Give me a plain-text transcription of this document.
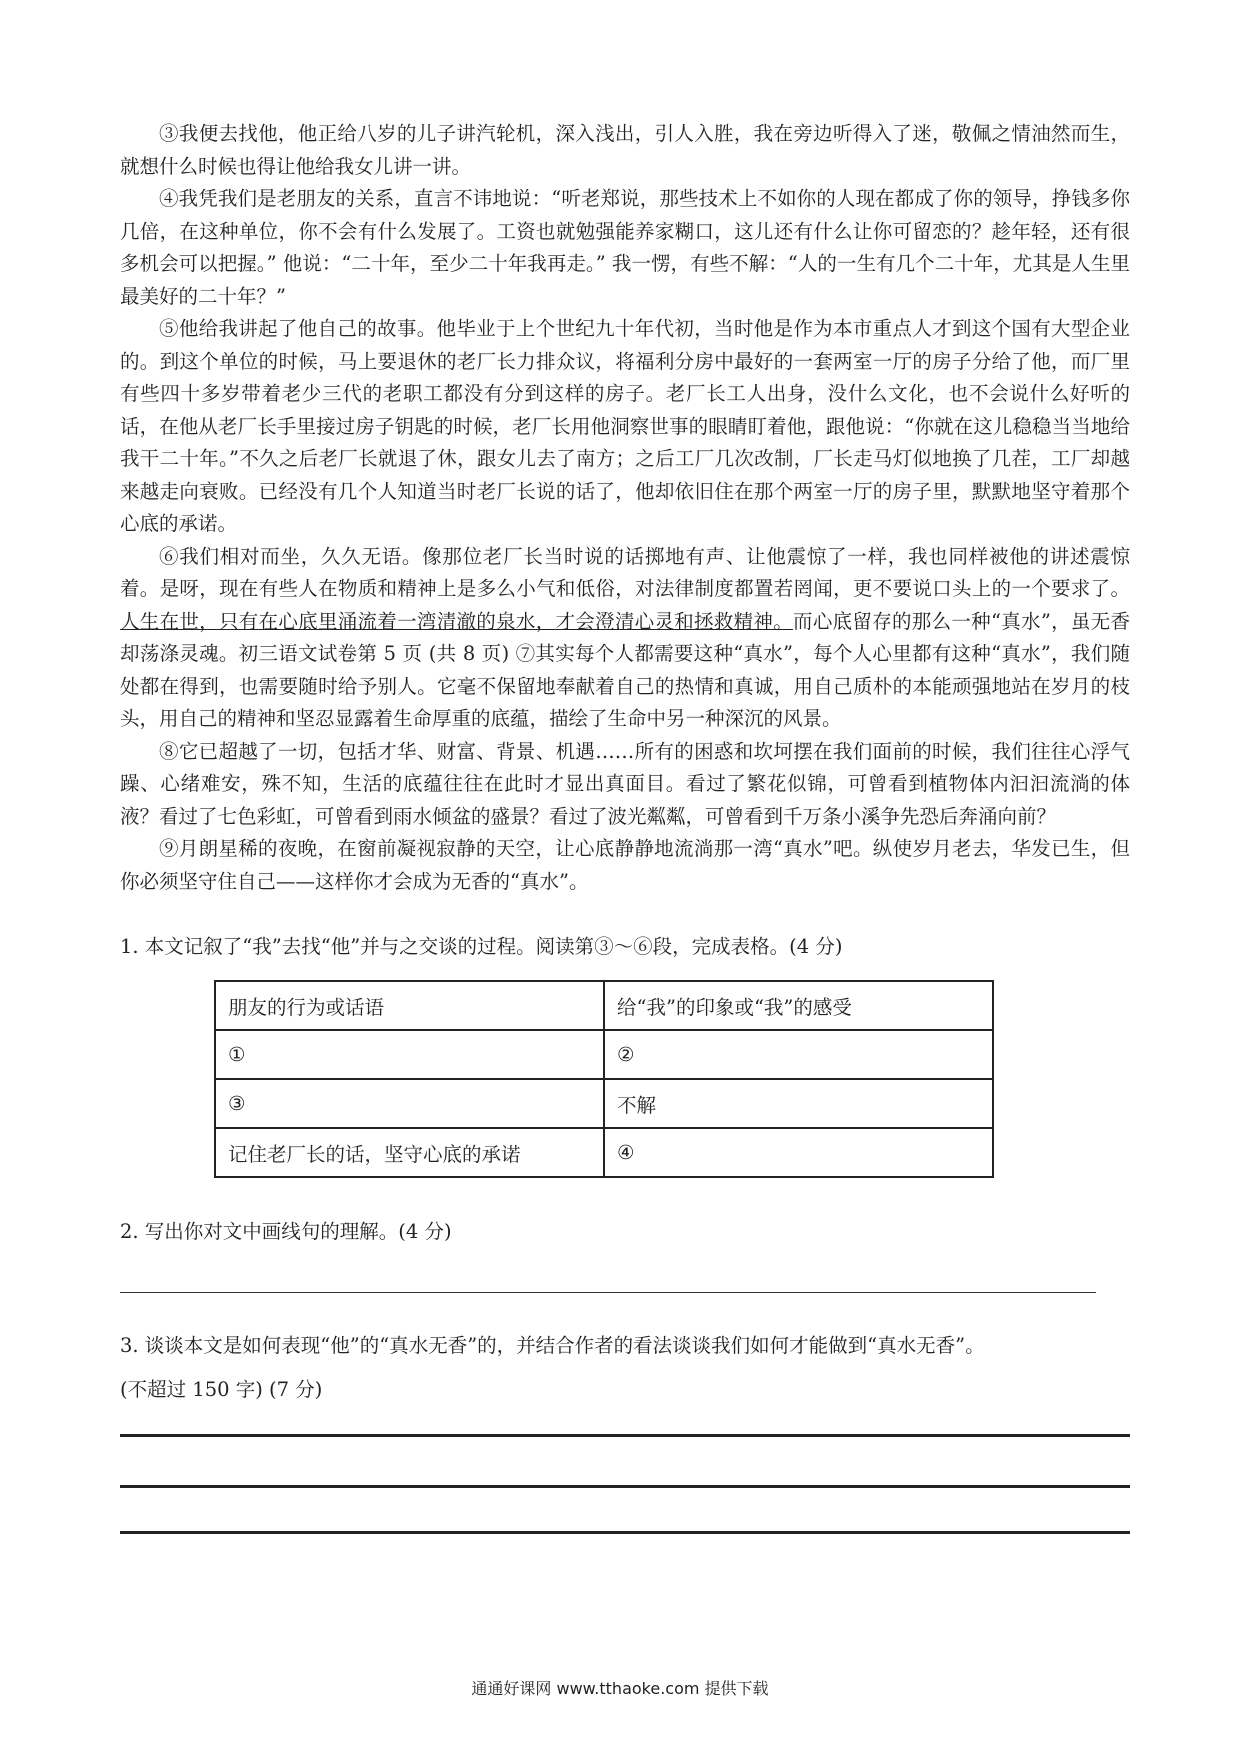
③我便去找他，他正给八岁的儿子讲汽轮机，深入浅出，引人入胜，我在旁边听得入了迷，敬佩之情油然而生，就想什么时候也得让他给我女儿讲一讲。

④我凭我们是老朋友的关系，直言不讳地说：“听老郑说，那些技术上不如你的人现在都成了你的领导，挣钱多你几倍，在这种单位，你不会有什么发展了。工资也就勉强能养家糊口，这儿还有什么让你可留恋的？趁年轻，还有很多机会可以把握。” 他说：“二十年，至少二十年我再走。” 我一愣，有些不解：“人的一生有几个二十年，尤其是人生里最美好的二十年？”

⑤他给我讲起了他自己的故事。他毕业于上个世纪九十年代初，当时他是作为本市重点人才到这个国有大型企业的。到这个单位的时候，马上要退休的老厂长力排众议，将福利分房中最好的一套两室一厅的房子分给了他，而厂里有些四十多岁带着老少三代的老职工都没有分到这样的房子。老厂长工人出身，没什么文化，也不会说什么好听的话，在他从老厂长手里接过房子钥匙的时候，老厂长用他洞察世事的眼睛盯着他，跟他说：“你就在这儿稳稳当当地给我干二十年。”不久之后老厂长就退了休，跟女儿去了南方；之后工厂几次改制，厂长走马灯似地换了几茬，工厂却越来越走向衰败。已经没有几个人知道当时老厂长说的话了，他却依旧住在那个两室一厅的房子里，默默地坚守着那个心底的承诺。

⑥我们相对而坐，久久无语。像那位老厂长当时说的话掷地有声、让他震惊了一样，我也同样被他的讲述震惊着。是呀，现在有些人在物质和精神上是多么小气和低俗，对法律制度都置若罔闻，更不要说口头上的一个要求了。人生在世，只有在心底里涌流着一湾清澈的泉水，才会澄清心灵和拯救精神。而心底留存的那么一种“真水”，虽无香却荡涤灵魂。初三语文试卷第 5 页 (共 8 页) ⑦其实每个人都需要这种“真水”，每个人心里都有这种“真水”，我们随处都在得到，也需要随时给予别人。它毫不保留地奉献着自己的热情和真诚，用自己质朴的本能顽强地站在岁月的枝头，用自己的精神和坚忍显露着生命厚重的底蕴，描绘了生命中另一种深沉的风景。

⑧它已超越了一切，包括才华、财富、背景、机遇……所有的困惑和坎坷摆在我们面前的时候，我们往往心浮气躁、心绪难安，殊不知，生活的底蕴往往在此时才显出真面目。看过了繁花似锦，可曾看到植物体内汩汩流淌的体液？看过了七色彩虹，可曾看到雨水倾盆的盛景？看过了波光粼粼，可曾看到千万条小溪争先恐后奔涌向前？

⑨月朗星稀的夜晚，在窗前凝视寂静的天空，让心底静静地流淌那一湾“真水”吧。纵使岁月老去，华发已生，但你必须坚守住自己——这样你才会成为无香的“真水”。

1. 本文记叙了“我”去找“他”并与之交谈的过程。阅读第③～⑥段，完成表格。(4 分)

朋友的行为或话语	给“我”的印象或“我”的感受
①	②
③	不解
记住老厂长的话，坚守心底的承诺	④

2. 写出你对文中画线句的理解。(4 分)

3. 谈谈本文是如何表现“他”的“真水无香”的，并结合作者的看法谈谈我们如何才能做到“真水无香”。

(不超过 150 字) (7 分)

通通好课网 www.tthaoke.com 提供下载
